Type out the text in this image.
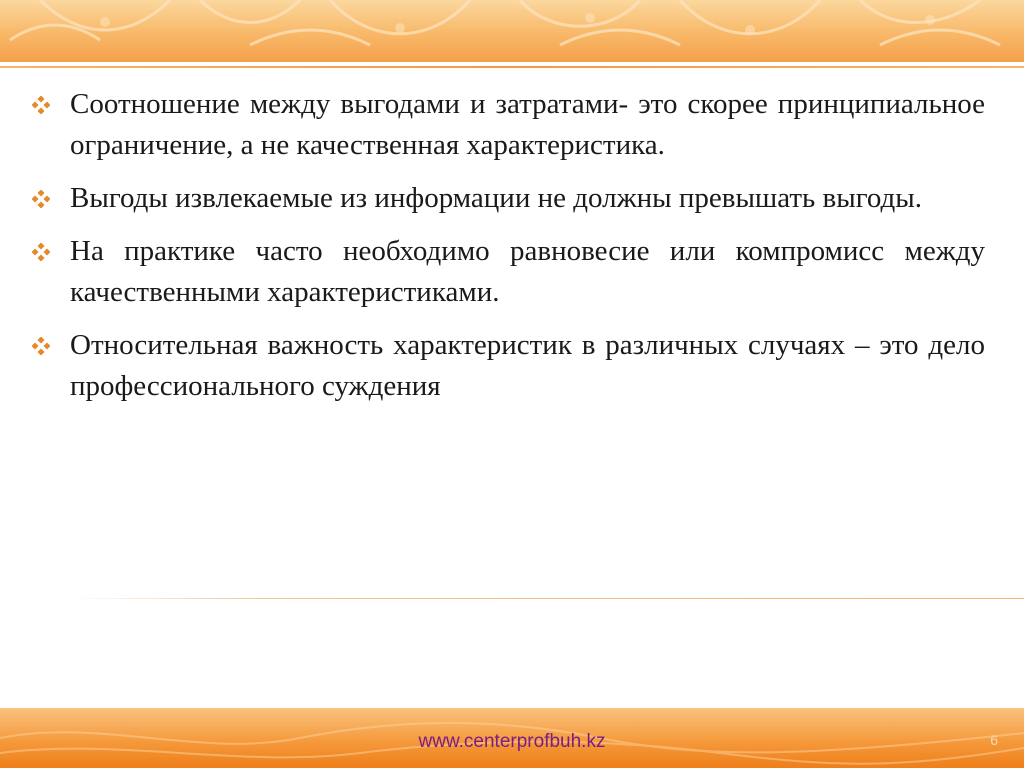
Соотношение между выгодами и затратами- это скорее принципиальное ограничение, а не качественная характеристика.
Выгоды извлекаемые из информации не должны превышать выгоды.
На практике часто необходимо равновесие или компромисс между качественными характеристиками.
Относительная важность характеристик в различных случаях – это дело профессионального суждения
www.centerprofbuh.kz	6
